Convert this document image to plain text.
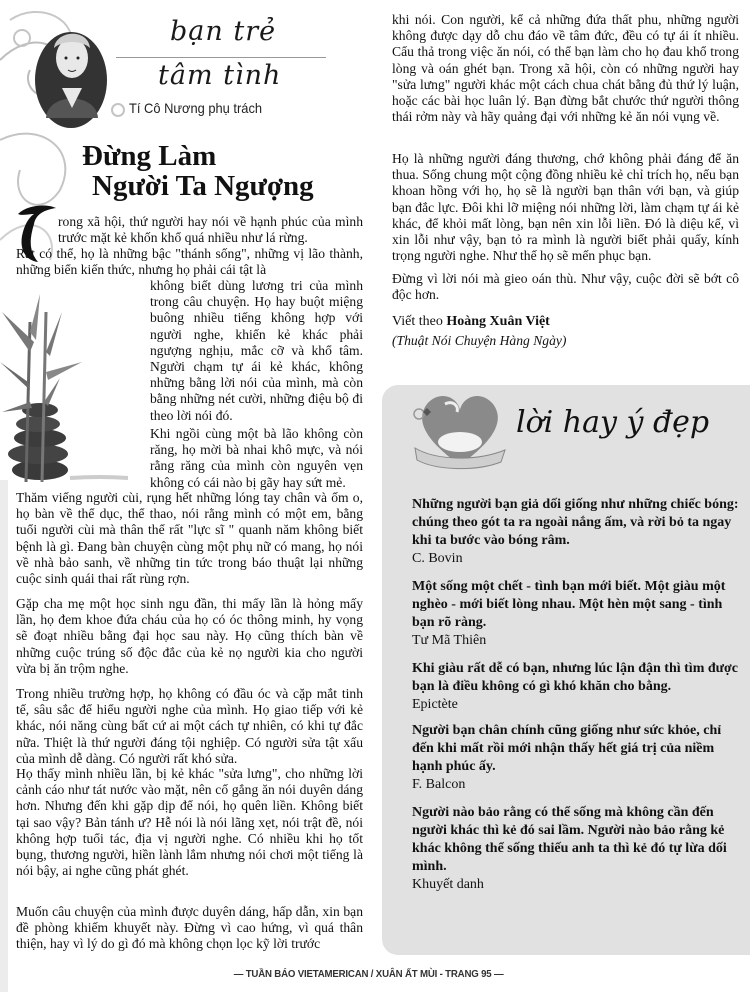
bạn trẻ
tâm tình
Tí Cô Nương phụ trách
Đừng Làm
Người Ta Ngượng

rong xã hội, thứ người hay nói về hạnh phúc của mình trước mặt kẻ khốn khổ quá nhiều như lá rừng.

Rất có thể, họ là những bậc "thánh sống", những vị lão thành, những biển kiến thức, nhưng họ phải cái tật là

không biết dùng lương tri của mình trong câu chuyện. Họ hay buột miệng buông nhiều tiếng không hợp với người nghe, khiến kẻ khác phải ngượng nghịu, mắc cỡ và khổ tâm. Người chạm tự ái kẻ khác, không những bằng lời nói của mình, mà còn bằng những nét cười, những điệu bộ đi theo lời nói đó.

Khi ngồi cùng một bà lão không còn răng, họ mời bà nhai khô mực, và nói rằng răng của mình còn nguyên vẹn không có cái nào bị gãy hay sứt mẻ.

Thăm viếng người cùi, rụng hết những lóng tay chân và ốm o, họ bàn về thể dục, thể thao, nói rằng mình có một em, bằng tuổi người cùi mà thân thể rất "lực sĩ " quanh năm không biết bệnh là gì. Đang bàn chuyện cùng một phụ nữ có mang, họ nói về nhà bảo sanh, về những tin tức trong báo thuật lại những cuộc sinh quái thai rất rùng rợn.

Gặp cha mẹ một học sinh ngu đần, thi mấy lần là hỏng mấy lần, họ đem khoe đứa cháu của họ có óc thông minh, hy vọng sẽ đoạt nhiều bằng đại học sau này. Họ cũng thích bàn về những cuộc trúng số độc đắc của kẻ nọ người kia cho người vừa bị ăn trộm nghe.

Trong nhiều trường hợp, họ không có đầu óc và cặp mắt tinh tế, sâu sắc để hiểu người nghe của mình. Họ giao tiếp với kẻ khác, nói năng cùng bất cứ ai một cách tự nhiên, có khi tự đắc nữa. Thiệt là thứ người đáng tội nghiệp. Có người sửa tật xấu của mình dễ dàng. Có người rất khó sửa.

Họ thấy mình nhiều lần, bị kẻ khác "sửa lưng", cho những lời cảnh cáo như tát nước vào mặt, nên cố gắng ăn nói duyên dáng hơn. Nhưng đến khi gặp dịp để nói, họ quên liền. Không biết tại sao vậy? Bản tánh ư? Hễ nói là nói lãng xẹt, nói trật đề, nói không hợp tuổi tác, địa vị người nghe. Có nhiều khi họ tốt bụng, thương người, hiền lành lắm nhưng nói chơi một tiếng là nói bậy, ai nghe cũng phát ghét.

Muốn câu chuyện của mình được duyên dáng, hấp dẫn, xin bạn đề phòng khiếm khuyết này. Đừng vì cao hứng, vì quá thân thiện, hay vì lý do gì đó mà không chọn lọc kỹ lời trước

khi nói. Con người, kể cả những đứa thất phu, những người không được dạy dỗ chu đáo về tâm đức, đều có tự ái ít nhiều. Cẩu thả trong việc ăn nói, có thể bạn làm cho họ đau khổ trong lòng và oán ghét bạn. Trong xã hội, còn có những người hay "sửa lưng" người khác một cách chua chát bằng đủ thứ lý luận, hoặc các bài học luân lý. Bạn đừng bắt chước thứ người thông thái rởm này và hãy quảng đại với những kẻ ăn nói vụng về.

Họ là những người đáng thương, chớ không phải đáng để ăn thua. Sống chung một cộng đồng nhiều kẻ chỉ trích họ, nếu bạn khoan hồng với họ, họ sẽ là người bạn thân với bạn, và giúp bạn đắc lực. Đôi khi lỡ miệng nói những lời, làm chạm tự ái kẻ khác, để khỏi mất lòng, bạn nên xin lỗi liền. Đó là diệu kế, vì xin lỗi như vậy, bạn tỏ ra mình là người biết phải quấy, kính trọng người nghe. Như thế họ sẽ mến phục bạn.

Đừng vì lời nói mà gieo oán thù. Như vậy, cuộc đời sẽ bớt cô độc hơn.

Viết theo Hoàng Xuân Việt
(Thuật Nói Chuyện Hàng Ngày)
lời hay ý đẹp
Những người bạn giả dối giống như những chiếc bóng: chúng theo gót ta ra ngoài nắng ấm, và rời bỏ ta ngay khi ta bước vào bóng râm.
C. Bovin
Một sống một chết - tình bạn mới biết. Một giàu một nghèo - mới biết lòng nhau. Một hèn một sang - tình bạn rõ ràng.
Tư Mã Thiên
Khi giàu rất dễ có bạn, nhưng lúc lận đận thì tìm được bạn là điều không có gì khó khăn cho bằng.
Epictète
Người bạn chân chính cũng giống như sức khỏe, chỉ đến khi mất rồi mới nhận thấy hết giá trị của niềm hạnh phúc ấy.
F. Balcon
Người nào bảo rằng có thể sống mà không cần đến người khác thì kẻ đó sai lầm. Người nào bảo rằng kẻ khác không thể sống thiếu anh ta thì kẻ đó tự lừa dối mình.
Khuyết danh
— TUẦN BÁO VIETAMERICAN / XUÂN ẤT MÙI - TRANG 95 —
